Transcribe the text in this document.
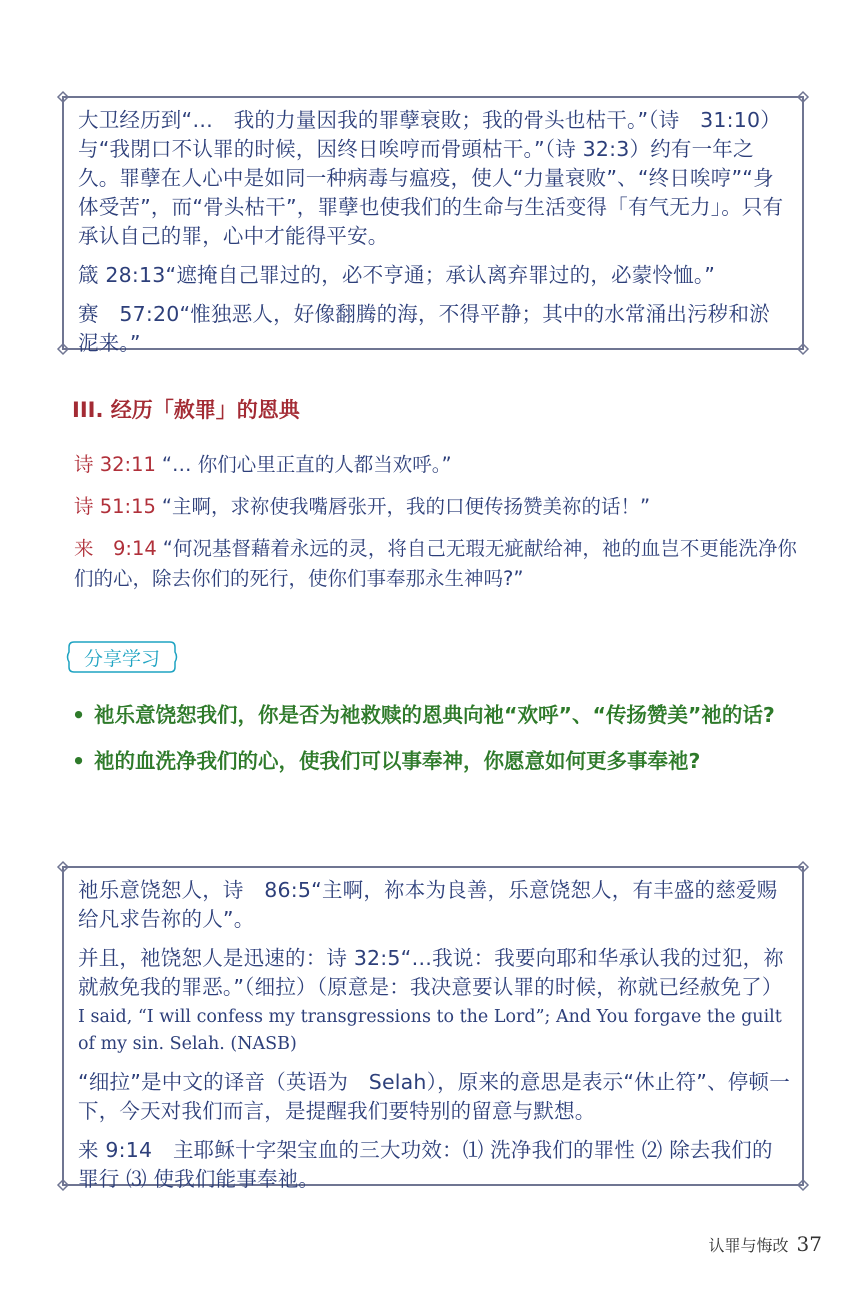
大卫经历到“…　我的力量因我的罪孽衰敗；我的骨头也枯干。”（诗　31:10）与“我閉口不认罪的时候，因终日唉哼而骨頭枯干。”（诗 32:3）约有一年之久。罪孽在人心中是如同一种病毒与瘟疫，使人“力量衰败”、“终日唉哼”“身体受苦”，而“骨头枯干”，罪孽也使我们的生命与生活变得「有气无力」。只有承认自己的罪，心中才能得平安。

箴 28:13“遮掩自己罪过的，必不亨通；承认离弃罪过的，必蒙怜恤。”

赛　57:20“惟独恶人，好像翻腾的海，不得平静；其中的水常涌出污秽和淤泥来。”

III. 经历「赦罪」的恩典
诗 32:11 “… 你们心里正直的人都当欢呼。”
诗 51:15 “主啊，求祢使我嘴唇张开，我的口便传扬赞美祢的话！”
来　9:14 “何况基督藉着永远的灵，将自己无瑕无疵献给神，祂的血岂不更能洗净你们的心，除去你们的死行，使你们事奉那永生神吗?”
分享学习
• 祂乐意饶恕我们，你是否为祂救赎的恩典向祂“欢呼”、“传扬赞美”祂的话?
• 祂的血洗净我们的心，使我们可以事奉神，你愿意如何更多事奉祂?

祂乐意饶恕人，诗　86:5“主啊，祢本为良善，乐意饶恕人，有丰盛的慈爱赐给凡求告祢的人”。

并且，祂饶恕人是迅速的：诗 32:5“…我说：我要向耶和华承认我的过犯，祢就赦免我的罪恶。”（细拉）（原意是：我决意要认罪的时候，祢就已经赦免了）

I said, “I will confess my transgressions to the Lord”; And You forgave the guilt of my sin. Selah. (NASB)

“细拉”是中文的译音（英语为　Selah），原来的意思是表示“休止符”、停顿一下，今天对我们而言，是提醒我们要特别的留意与默想。

来 9:14　主耶稣十字架宝血的三大功效：⑴ 洗净我们的罪性 ⑵ 除去我们的罪行 ⑶ 使我们能事奉祂。

认罪与悔改 37
